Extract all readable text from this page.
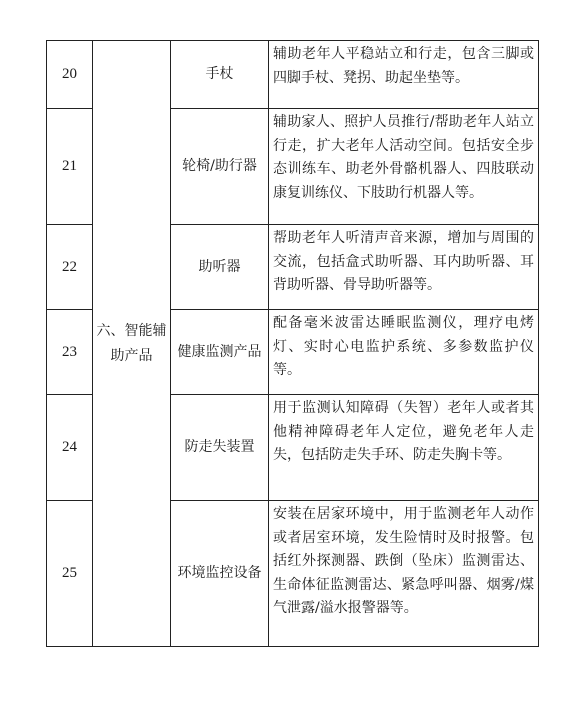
20	六、智能辅助产品	手杖	辅助老年人平稳站立和行走，包含三脚或四脚手杖、凳拐、助起坐垫等。
21		轮椅/助行器	辅助家人、照护人员推行/帮助老年人站立行走，扩大老年人活动空间。包括安全步态训练车、助老外骨骼机器人、四肢联动康复训练仪、下肢助行机器人等。
22		助听器	帮助老年人听清声音来源，增加与周围的交流，包括盒式助听器、耳内助听器、耳背助听器、骨导助听器等。
23		健康监测产品	配备毫米波雷达睡眠监测仪，理疗电烤灯、实时心电监护系统、多参数监护仪等。
24		防走失装置	用于监测认知障碍（失智）老年人或者其他精神障碍老年人定位，避免老年人走失，包括防走失手环、防走失胸卡等。
25		环境监控设备	安装在居家环境中，用于监测老年人动作或者居室环境，发生险情时及时报警。包括红外探测器、跌倒（坠床）监测雷达、生命体征监测雷达、紧急呼叫器、烟雾/煤气泄露/溢水报警器等。
